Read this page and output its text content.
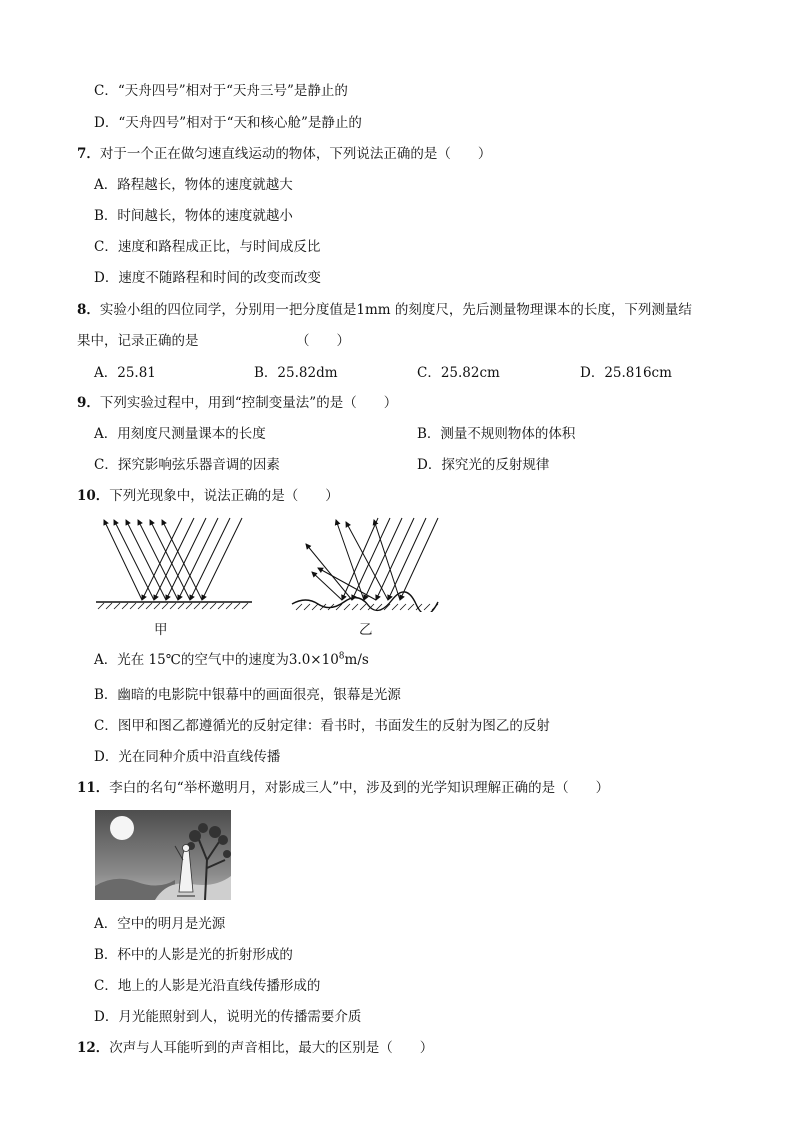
C．“天舟四号”相对于“天舟三号”是静止的
D．“天舟四号”相对于“天和核心舱”是静止的
7．对于一个正在做匀速直线运动的物体，下列说法正确的是（　　）
A．路程越长，物体的速度就越大
B．时间越长，物体的速度就越小
C．速度和路程成正比，与时间成反比
D．速度不随路程和时间的改变而改变
8．实验小组的四位同学，分别用一把分度值是1mm 的刻度尺，先后测量物理课本的长度，下列测量结
果中，记录正确的是	（　　）
A．25.81	B．25.82dm	C．25.82cm	D．25.816cm
9．下列实验过程中，用到“控制变量法”的是（　　）
A．用刻度尺测量课本的长度	B．测量不规则物体的体积
C．探究影响弦乐器音调的因素	D．探究光的反射规律
10．下列光现象中，说法正确的是（　　）
甲	乙
A．光在 15℃的空气中的速度为$3.0\times 10^8m/s$
B．幽暗的电影院中银幕中的画面很亮，银幕是光源
C．图甲和图乙都遵循光的反射定律：看书时，书面发生的反射为图乙的反射
D．光在同种介质中沿直线传播
11．李白的名句“举杯邀明月，对影成三人”中，涉及到的光学知识理解正确的是（　　）
A．空中的明月是光源
B．杯中的人影是光的折射形成的
C．地上的人影是光沿直线传播形成的
D．月光能照射到人，说明光的传播需要介质
12．次声与人耳能听到的声音相比，最大的区别是（　　）
